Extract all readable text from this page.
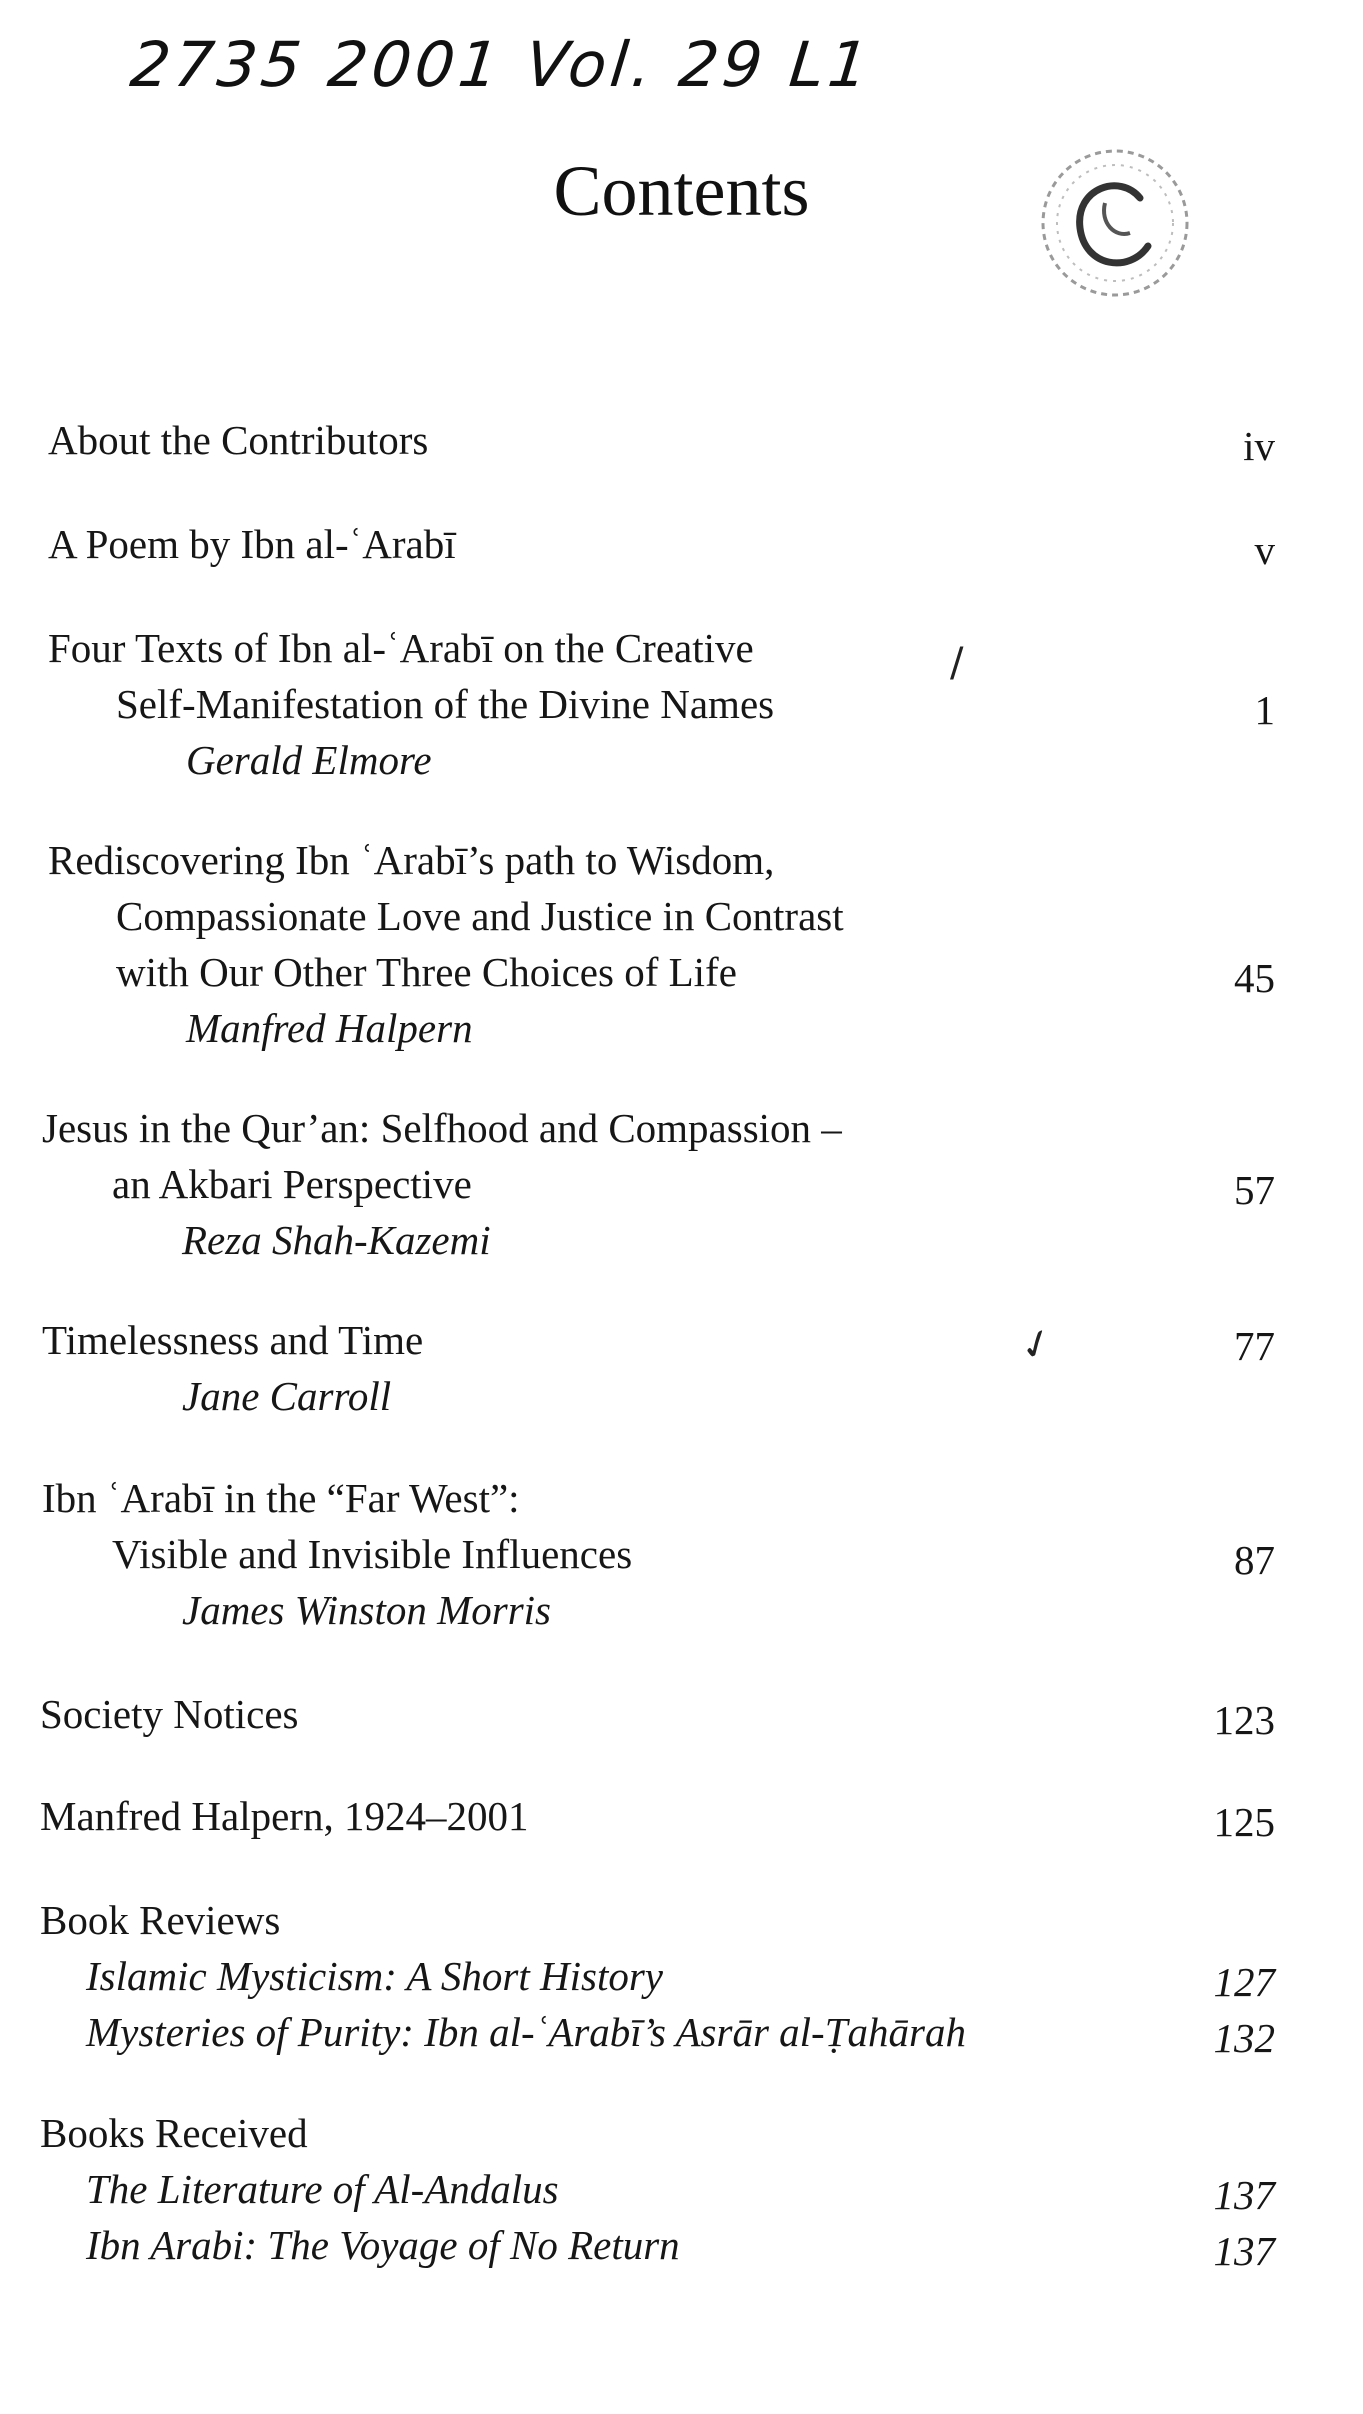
2735 2001 Vol. 29 L1
Contents
About the Contributors	iv
A Poem by Ibn al-ʿArabī	v
Four Texts of Ibn al-ʿArabī on the Creative
Self-Manifestation of the Divine Names	1
Gerald Elmore
Rediscovering Ibn ʿArabī’s path to Wisdom,
Compassionate Love and Justice in Contrast
with Our Other Three Choices of Life	45
Manfred Halpern
Jesus in the Qur’an: Selfhood and Compassion –
an Akbari Perspective	57
Reza Shah-Kazemi
Timelessness and Time	77
Jane Carroll
Ibn ʿArabī in the “Far West”:
Visible and Invisible Influences	87
James Winston Morris
Society Notices	123
Manfred Halpern, 1924–2001	125
Book Reviews
Islamic Mysticism: A Short History	127
Mysteries of Purity: Ibn al-ʿArabī’s Asrār al-Ṭahārah	132
Books Received
The Literature of Al-Andalus	137
Ibn Arabi: The Voyage of No Return	137
/
✓
